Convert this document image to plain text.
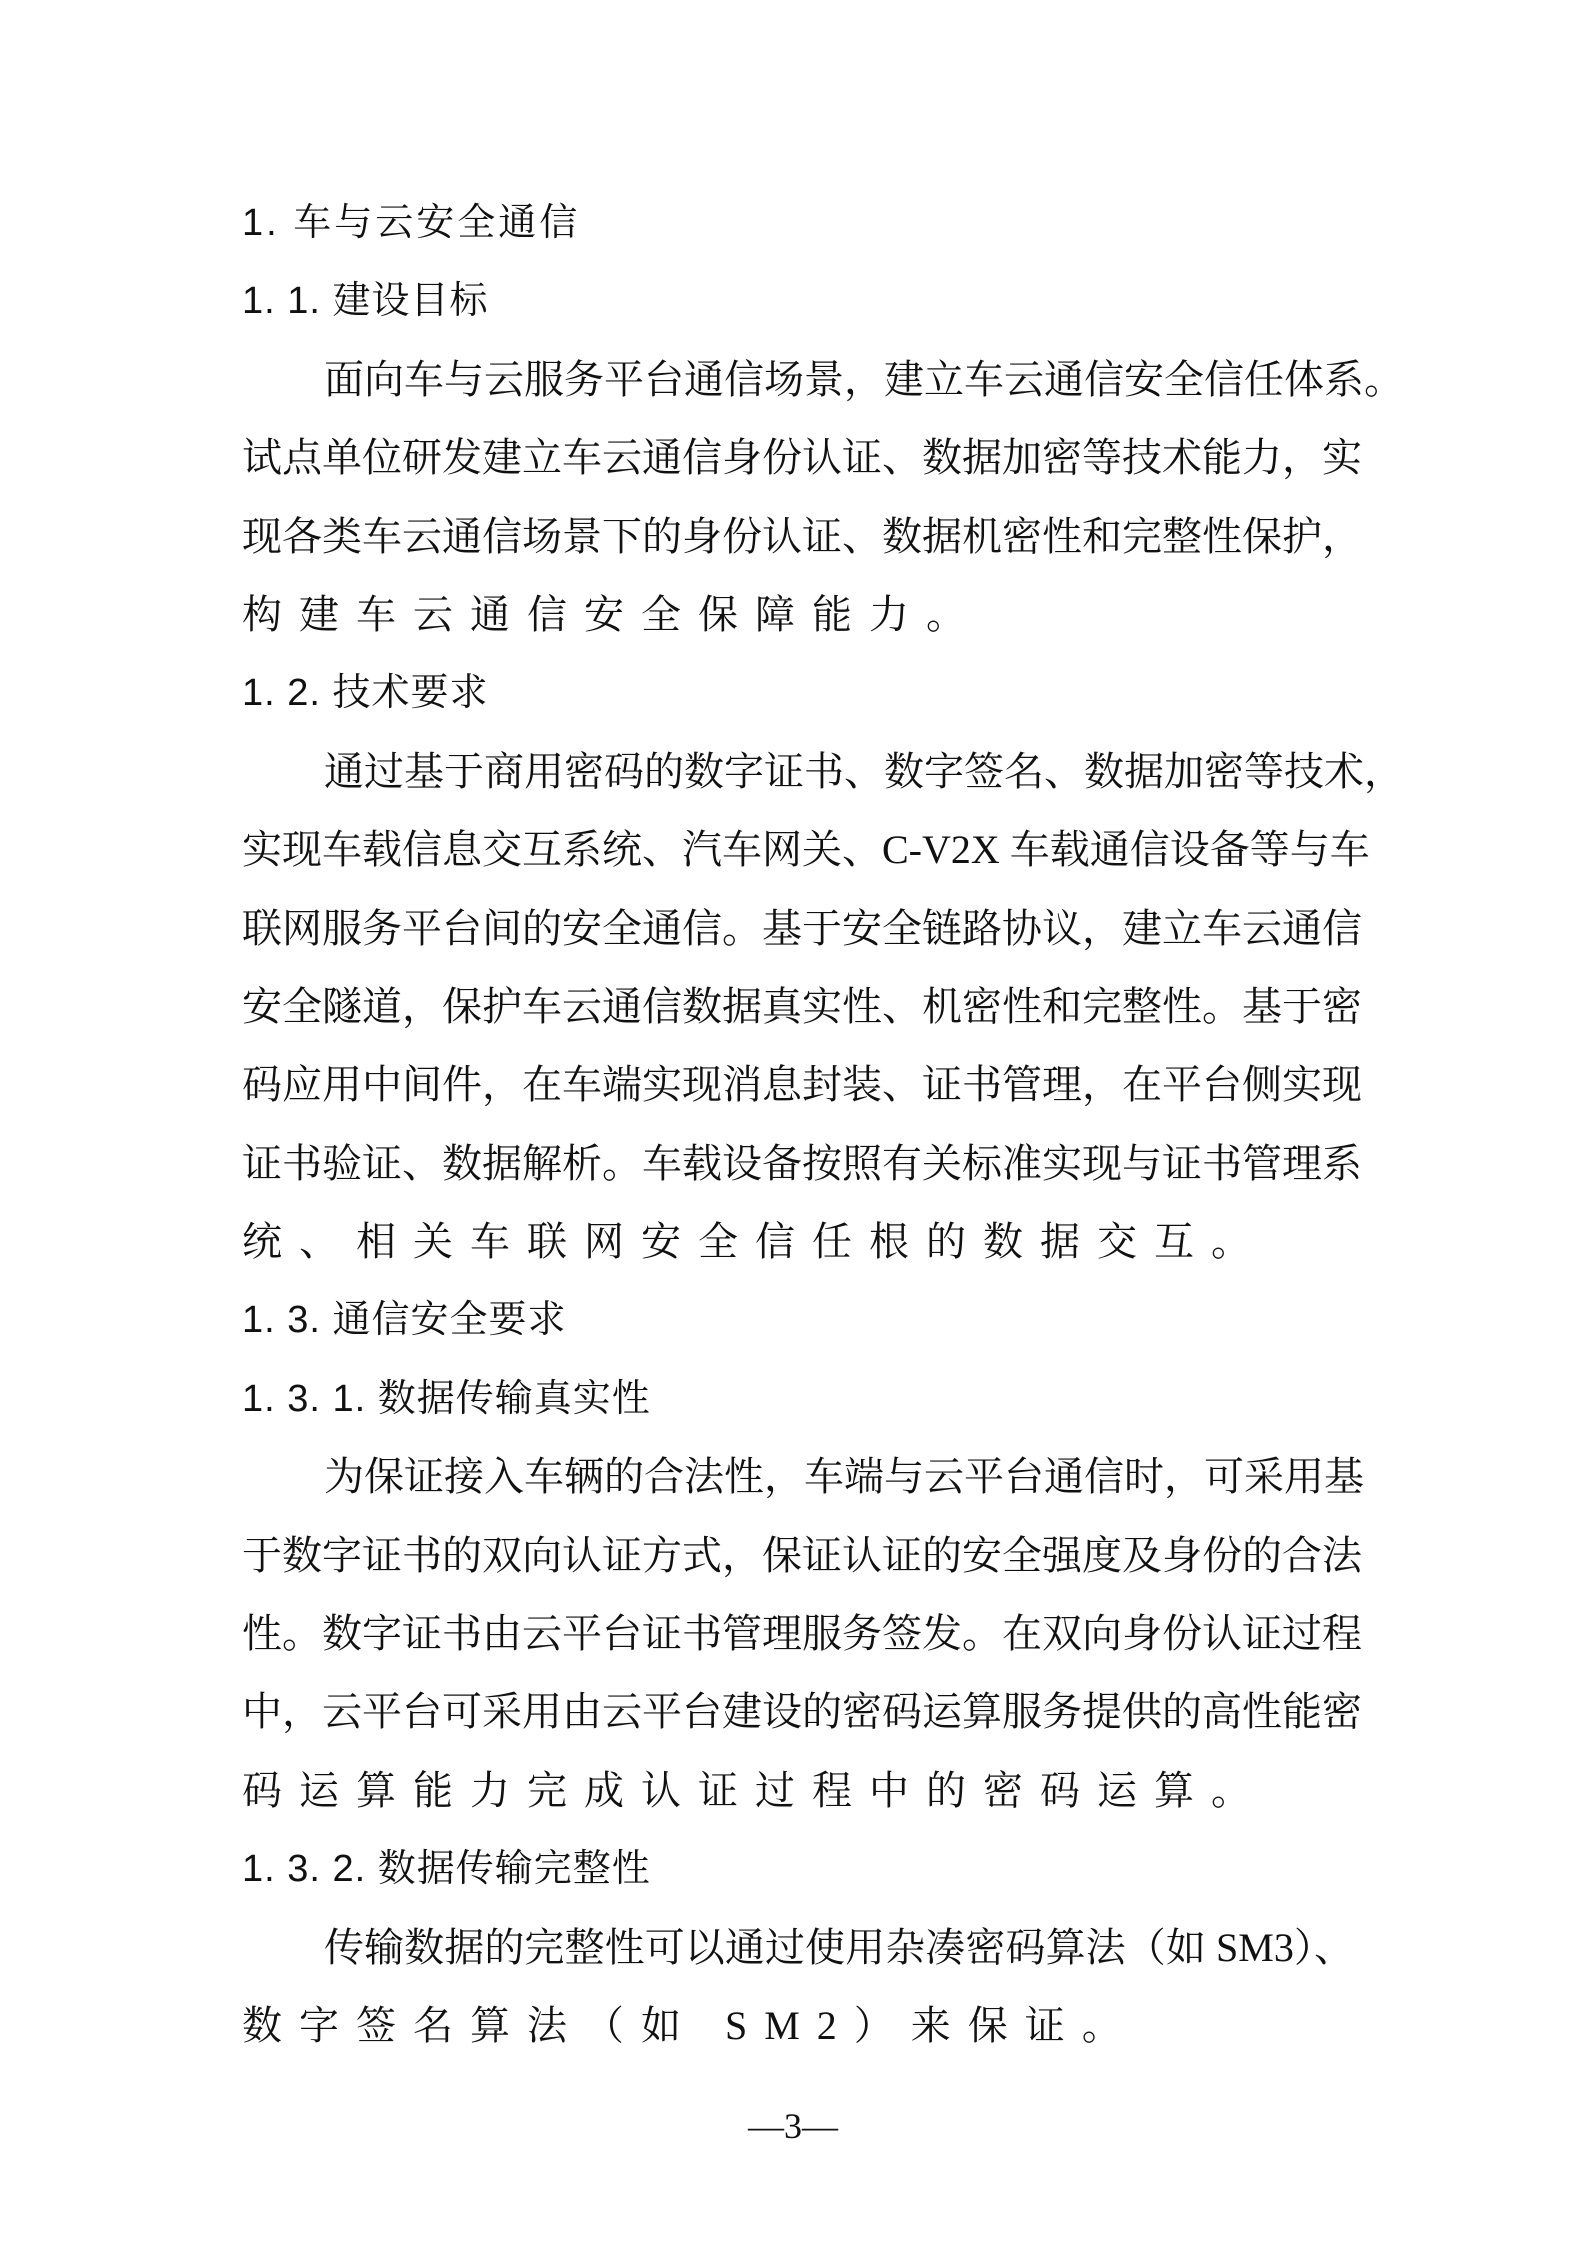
1. 车与云安全通信
1. 1. 建设目标
面向车与云服务平台通信场景，建立车云通信安全信任体系。
试点单位研发建立车云通信身份认证、数据加密等技术能力，实
现各类车云通信场景下的身份认证、数据机密性和完整性保护，
构建车云通信安全保障能力。
1. 2. 技术要求
通过基于商用密码的数字证书、数字签名、数据加密等技术，
实现车载信息交互系统、汽车网关、C-V2X 车载通信设备等与车
联网服务平台间的安全通信。基于安全链路协议，建立车云通信
安全隧道，保护车云通信数据真实性、机密性和完整性。基于密
码应用中间件，在车端实现消息封装、证书管理，在平台侧实现
证书验证、数据解析。车载设备按照有关标准实现与证书管理系
统、相关车联网安全信任根的数据交互。
1. 3. 通信安全要求
1. 3. 1. 数据传输真实性
为保证接入车辆的合法性，车端与云平台通信时，可采用基
于数字证书的双向认证方式，保证认证的安全强度及身份的合法
性。数字证书由云平台证书管理服务签发。在双向身份认证过程
中，云平台可采用由云平台建设的密码运算服务提供的高性能密
码运算能力完成认证过程中的密码运算。
1. 3. 2. 数据传输完整性
传输数据的完整性可以通过使用杂凑密码算法（如 SM3）、
数字签名算法（如 SM2）来保证。
—3—
